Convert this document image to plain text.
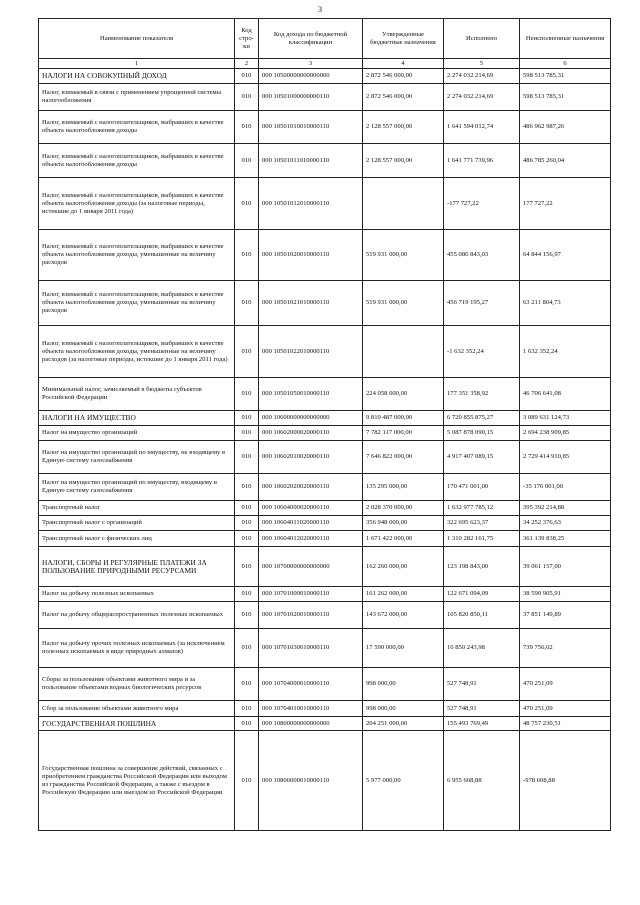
3
Наименование показателя	Код стро-ки	Код дохода по бюджетной классификации	Утвержденные бюджетные назначения	Исполнено	Неисполненные назначения
1	2	3	4	5	6
НАЛОГИ НА СОВОКУПНЫЙ ДОХОД	010	000 10500000000000000	2 872 546 000,00	2 274 032 214,69	598 513 785,31
Налог, взимаемый в связи с применением упрощенной системы налогообложения	010	000 10501000000000110	2 872 546 000,00	2 274 032 214,69	598 513 785,31
Налог, взимаемый с налогоплательщиков, выбравших в качестве объекта налогообложения доходы	010	000 10501010010000110	2 128 557 000,00	1 641 594 012,74	486 962 987,26
Налог, взимаемый с налогоплательщиков, выбравших в качестве объекта налогообложения доходы	010	000 10501011010000110	2 128 557 000,00	1 641 771 739,96	486 785 260,04
Налог, взимаемый с налогоплательщиков, выбравших в качестве объекта налогообложения доходы (за налоговые периоды, истекшие до 1 января 2011 года)	010	000 10501012010000110		-177 727,22	177 727,22
Налог, взимаемый с налогоплательщиков, выбравших в качестве объекта налогообложения доходы, уменьшенные на величину расходов	010	000 10501020010000110	519 931 000,00	455 086 843,03	64 844 156,97
Налог, взимаемый с налогоплательщиков, выбравших в качестве объекта налогообложения доходы, уменьшенные на величину расходов	010	000 10501021010000110	519 931 000,00	456 719 195,27	63 211 804,73
Налог, взимаемый с налогоплательщиков, выбравших в качестве объекта налогообложения доходы, уменьшенные на величину расходов (за налоговые периоды, истекшие до 1 января 2011 года)	010	000 10501022010000110		-1 632 352,24	1 632 352,24
Минимальный налог, зачисляемый в бюджеты субъектов Российской Федерации	010	000 10501050010000110	224 058 000,00	177 351 358,92	46 706 641,08
НАЛОГИ НА ИМУЩЕСТВО	010	000 10600000000000000	9 810 487 000,00	6 720 855 875,27	3 089 631 124,73
Налог на имущество организаций	010	000 10602000020000110	7 782 117 000,00	5 087 878 090,15	2 694 238 909,85
Налог на имущество организаций по имуществу, не входящему в Единую систему газоснабжения	010	000 10602010020000110	7 646 822 000,00	4 917 407 089,15	2 729 414 910,85
Налог на имущество организаций по имуществу, входящему в Единую систему газоснабжения	010	000 10602020020000110	135 295 000,00	170 471 001,00	-35 176 001,00
Транспортный налог	010	000 10604000020000110	2 028 370 000,00	1 632 977 785,12	395 392 214,88
Транспортный налог с организаций	010	000 10604011020000110	356 948 000,00	322 695 623,37	34 252 376,63
Транспортный налог с физических лиц	010	000 10604012020000110	1 671 422 000,00	1 310 282 161,75	361 139 838,25
НАЛОГИ, СБОРЫ И РЕГУЛЯРНЫЕ ПЛАТЕЖИ ЗА ПОЛЬЗОВАНИЕ ПРИРОДНЫМИ РЕСУРСАМИ	010	000 10700000000000000	162 260 000,00	123 198 843,00	39 061 157,00
Налог на добычу полезных ископаемых	010	000 10701000010000110	161 262 000,00	122 671 094,09	38 590 905,91
Налог на добычу общераспространенных полезных ископаемых	010	000 10701020010000110	143 672 000,00	105 820 850,11	37 851 149,89
Налог на добычу прочих полезных ископаемых (за исключением полезных ископаемых в виде природных алмазов)	010	000 10701030010000110	17 590 000,00	16 850 243,98	739 756,02
Сборы за пользование объектами животного мира и за пользование объектами водных биологических ресурсов	010	000 10704000010000110	998 000,00	527 748,91	470 251,09
Сбор за пользование объектами животного мира	010	000 10704010010000110	998 000,00	527 748,91	470 251,09
ГОСУДАРСТВЕННАЯ ПОШЛИНА	010	000 10800000000000000	204 251 000,00	155 493 769,49	48 757 230,51
Государственная пошлина за совершение действий, связанных с приобретением гражданства Российской Федерации или выходом из гражданства Российской Федерации, а также с въездом в Российскую Федерацию или выездом из Российской Федерации	010	000 10806000010000110	5 977 000,00	6 955 608,88	-978 608,88
